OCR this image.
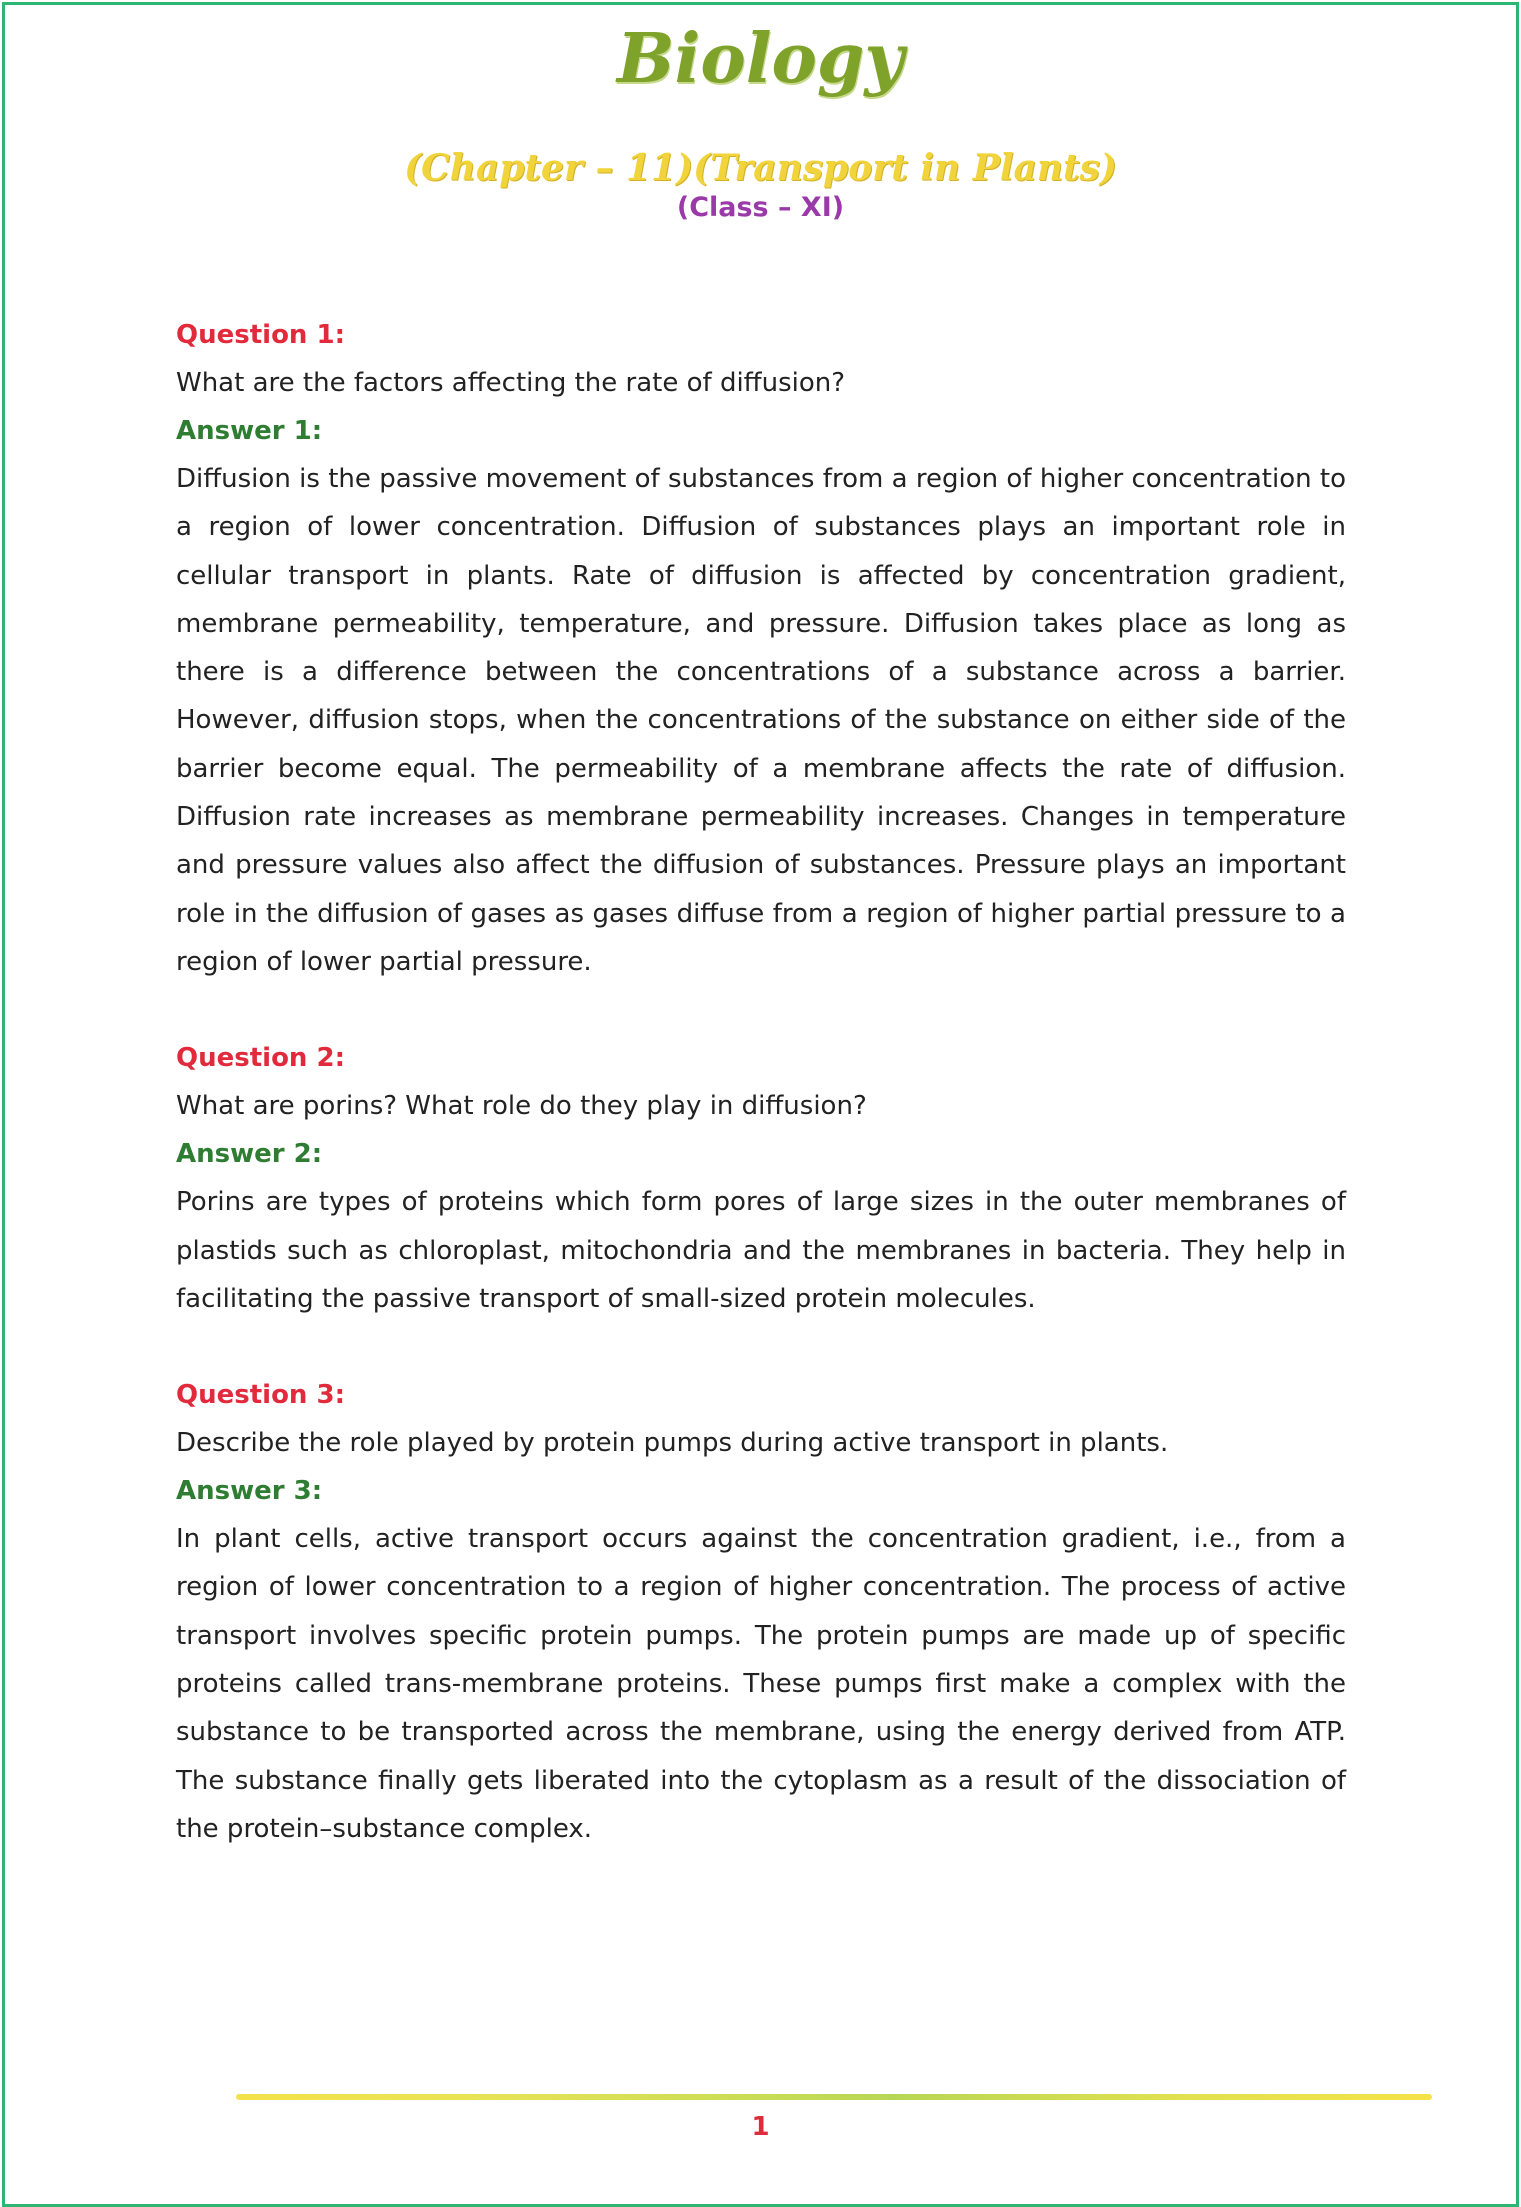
Biology
(Chapter – 11)(Transport in Plants)
(Class – XI)

Question 1:

What are the factors affecting the rate of diffusion?

Answer 1:

Diffusion is the passive movement of substances from a region of higher concentration to a region of lower concentration. Diffusion of substances plays an important role in cellular transport in plants. Rate of diffusion is affected by concentration gradient, membrane permeability, temperature, and pressure. Diffusion takes place as long as there is a difference between the concentrations of a substance across a barrier. However, diffusion stops, when the concentrations of the substance on either side of the barrier become equal. The permeability of a membrane affects the rate of diffusion. Diffusion rate increases as membrane permeability increases. Changes in temperature and pressure values also affect the diffusion of substances. Pressure plays an important role in the diffusion of gases as gases diffuse from a region of higher partial pressure to a region of lower partial pressure.

Question 2:

What are porins? What role do they play in diffusion?

Answer 2:

Porins are types of proteins which form pores of large sizes in the outer membranes of plastids such as chloroplast, mitochondria and the membranes in bacteria. They help in facilitating the passive transport of small-sized protein molecules.

Question 3:

Describe the role played by protein pumps during active transport in plants.

Answer 3:

In plant cells, active transport occurs against the concentration gradient, i.e., from a region of lower concentration to a region of higher concentration. The process of active transport involves specific protein pumps. The protein pumps are made up of specific proteins called trans-membrane proteins. These pumps first make a complex with the substance to be transported across the membrane, using the energy derived from ATP. The substance finally gets liberated into the cytoplasm as a result of the dissociation of the protein–substance complex.

1
